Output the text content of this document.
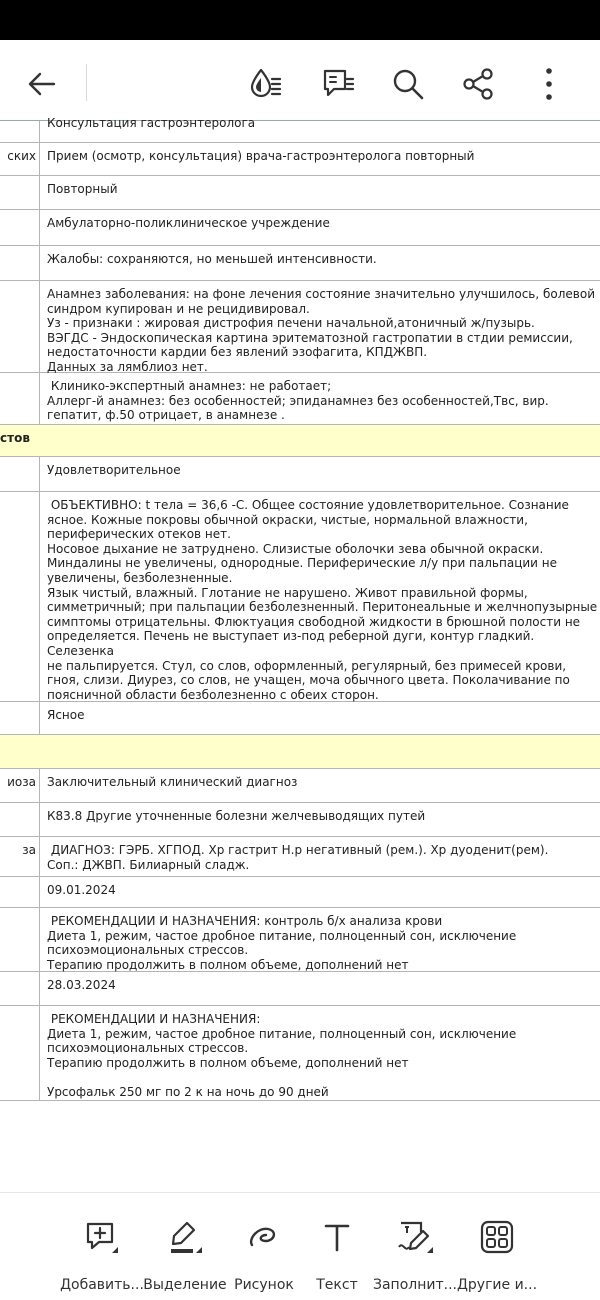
Консультация гастроэнтеролога
ских Прием (осмотр, консультация) врача-гастроэнтеролога повторный
Повторный
Амбулаторно-поликлиническое учреждение
Жалобы: сохраняются, но меньшей интенсивности.
Анамнез заболевания: на фоне лечения состояние значительно улучшилось, болевой
синдром купирован и не рецидивировал.
Уз - признаки : жировая дистрофия печени начальной,атоничный ж/пузырь.
ВЭГДС - Эндоскопическая картина эритематозной гастропатии в стдии ремиссии,
недостаточности кардии без явлений эзофагита, КПДЖВП.
Данных за лямблиоз нет.
Клинико-экспертный анамнез: не работает;
Аллерг-й анамнез: без особенностей; эпиданамнез без особенностей,Твс, вир.
гепатит, ф.50 отрицает, в анамнезе .
стов
Удовлетворительное
ОБЪЕКТИВНО: t тела = 36,6 -С. Общее состояние удовлетворительное. Сознание
ясное. Кожные покровы обычной окраски, чистые, нормальной влажности,
периферических отеков нет.
Носовое дыхание не затруднено. Слизистые оболочки зева обычной окраски.
Миндалины не увеличены, однородные. Периферические л/у при пальпации не
увеличены, безболезненные.
Язык чистый, влажный. Глотание не нарушено. Живот правильной формы,
симметричный; при пальпации безболезненный. Перитонеальные и желчнопузырные
симптомы отрицательны. Флюктуация свободной жидкости в брюшной полости не
определяется. Печень не выступает из-под реберной дуги, контур гладкий. Селезенка
не пальпируется. Стул, со слов, оформленный, регулярный, без примесей крови,
гноя, слизи. Диурез, со слов, не учащен, моча обычного цвета. Поколачивание по
поясничной области безболезненно с обеих сторон.
Ясное
иоза Заключительный клинический диагноз
К83.8 Другие уточненные болезни желчевыводящих путей
за	ДИАГНОЗ: ГЭРБ. ХГПОД. Хр гастрит Н.р негативный (рем.). Хр дуоденит(рем).
Соп.: ДЖВП. Билиарный сладж.
09.01.2024
РЕКОМЕНДАЦИИ И НАЗНАЧЕНИЯ: контроль б/х анализа крови
Диета 1, режим, частое дробное питание, полноценный сон, исключение
психоэмоциональных стрессов.
Терапию продолжить в полном объеме, дополнений нет
28.03.2024
РЕКОМЕНДАЦИИ И НАЗНАЧЕНИЯ:
Диета 1, режим, частое дробное питание, полноценный сон, исключение
психоэмоциональных стрессов.
Терапию продолжить в полном объеме, дополнений нет

Урсофальк 250 мг по 2 к на ночь до 90 дней
Добавить... Выделение Рисунок	Текст	Заполнит... Другие и...
